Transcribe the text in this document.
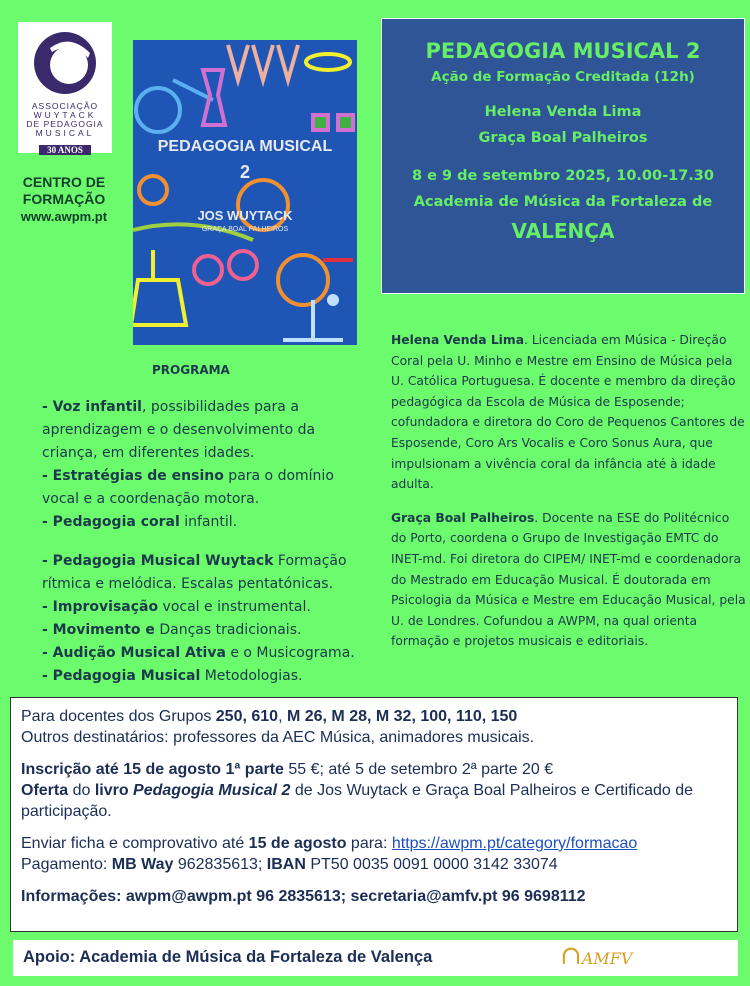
ASSOCIAÇÃO
WUYTACK
DE PEDAGOGIA
MUSICAL
30 ANOS
CENTRO DE
FORMAÇÃO
www.awpm.pt
PEDAGOGIA MUSICAL
2
JOS WUYTACK
GRAÇA BOAL PALHEIROS
PEDAGOGIA MUSICAL 2
Ação de Formação Creditada (12h)
Helena Venda Lima
Graça Boal Palheiros
8 e 9 de setembro 2025, 10.00-17.30
Academia de Música da Fortaleza de
VALENÇA
PROGRAMA
- Voz infantil, possibilidades para a aprendizagem e o desenvolvimento da criança, em diferentes idades.
- Estratégias de ensino para o domínio vocal e a coordenação motora.
- Pedagogia coral infantil.
- Pedagogia Musical Wuytack Formação rítmica e melódica. Escalas pentatónicas.
- Improvisação vocal e instrumental.
- Movimento e Danças tradicionais.
- Audição Musical Ativa e o Musicograma.
- Pedagogia Musical Metodologias.

Helena Venda Lima. Licenciada em Música - Direção Coral pela U. Minho e Mestre em Ensino de Música pela U. Católica Portuguesa. É docente e membro da direção pedagógica da Escola de Música de Esposende; cofundadora e diretora do Coro de Pequenos Cantores de Esposende, Coro Ars Vocalis e Coro Sonus Aura, que impulsionam a vivência coral da infância até à idade adulta.

Graça Boal Palheiros. Docente na ESE do Politécnico do Porto, coordena o Grupo de Investigação EMTC do INET-md. Foi diretora do CIPEM/ INET-md e coordenadora do Mestrado em Educação Musical. É doutorada em Psicologia da Música e Mestre em Educação Musical, pela U. de Londres. Cofundou a AWPM, na qual orienta formação e projetos musicais e editoriais.

Para docentes dos Grupos 250, 610, M 26, M 28, M 32, 100, 110, 150
Outros destinatários: professores da AEC Música, animadores musicais.

Inscrição até 15 de agosto 1ª parte 55 €; até 5 de setembro 2ª parte 20 €
Oferta do livro Pedagogia Musical 2 de Jos Wuytack e Graça Boal Palheiros e Certificado de participação.

Enviar ficha e comprovativo até 15 de agosto para: https://awpm.pt/category/formacao
Pagamento: MB Way 962835613; IBAN PT50 0035 0091 0000 3142 33074

Informações: awpm@awpm.pt 96 2835613; secretaria@amfv.pt 96 9698112

Apoio: Academia de Música da Fortaleza de Valença	∩AMFV
